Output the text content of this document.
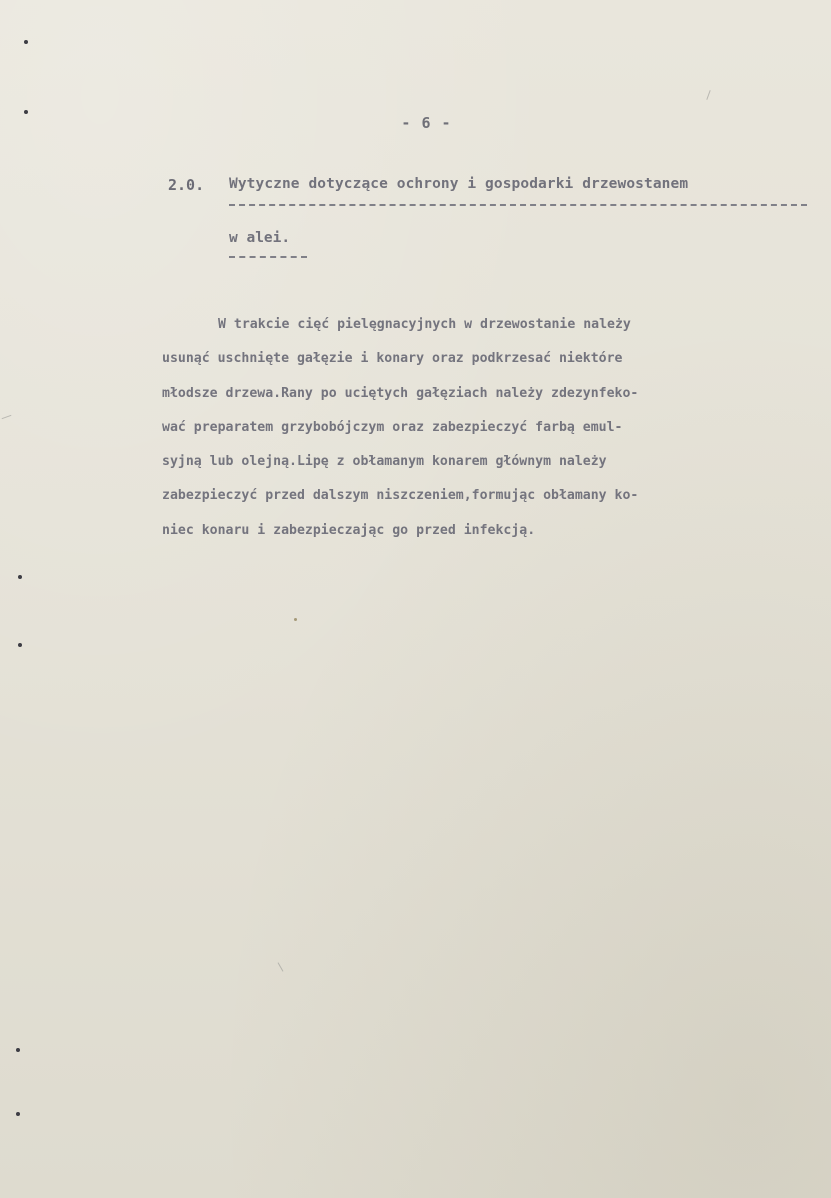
- 6 -
2.0. Wytyczne dotyczące ochrony i gospodarki drzewostanem
w alei.
W trakcie cięć pielęgnacyjnych w drzewostanie należy
usunąć uschnięte gałęzie i konary oraz podkrzesać niektóre
młodsze drzewa.Rany po uciętych gałęziach należy zdezynfeko-
wać preparatem grzybobójczym oraz zabezpieczyć farbą emul-
syjną lub olejną.Lipę z obłamanym konarem głównym należy
zabezpieczyć przed dalszym niszczeniem,formując obłamany ko-
niec konaru i zabezpieczając go przed infekcją.
